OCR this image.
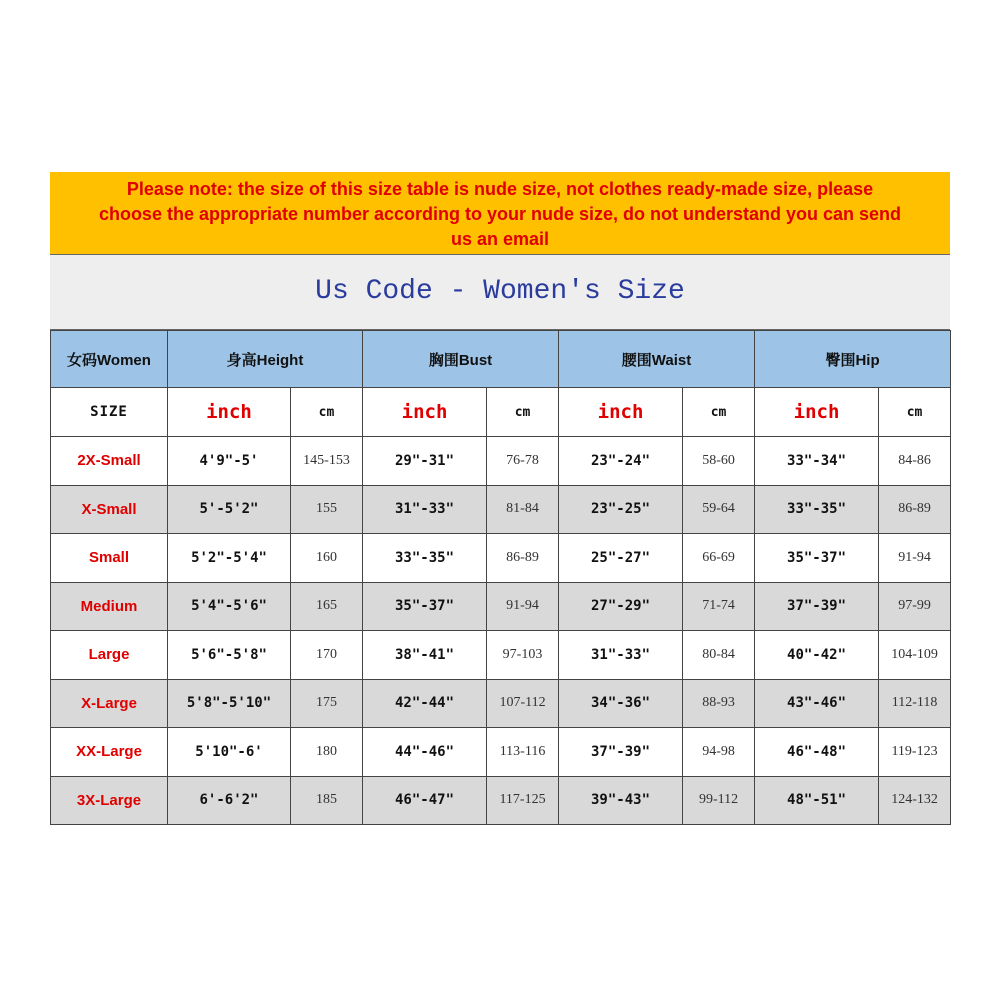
Please note: the size of this size table is nude size, not clothes ready-made size, please
choose the appropriate number according to your nude size, do not understand you can send
us an email
Us Code - Women's Size
女码Women	身高Height		胸围Bust		腰围Waist		臀围Hip	
SIZE	inch	cm	inch	cm	inch	cm	inch	cm
2X-Small	4'9"-5'	145-153	29"-31"	76-78	23"-24"	58-60	33"-34"	84-86
X-Small	5'-5'2"	155	31"-33"	81-84	23"-25"	59-64	33"-35"	86-89
Small	5'2"-5'4"	160	33"-35"	86-89	25"-27"	66-69	35"-37"	91-94
Medium	5'4"-5'6"	165	35"-37"	91-94	27"-29"	71-74	37"-39"	97-99
Large	5'6"-5'8"	170	38"-41"	97-103	31"-33"	80-84	40"-42"	104-109
X-Large	5'8"-5'10"	175	42"-44"	107-112	34"-36"	88-93	43"-46"	112-118
XX-Large	5'10"-6'	180	44"-46"	113-116	37"-39"	94-98	46"-48"	119-123
3X-Large	6'-6'2"	185	46"-47"	117-125	39"-43"	99-112	48"-51"	124-132
